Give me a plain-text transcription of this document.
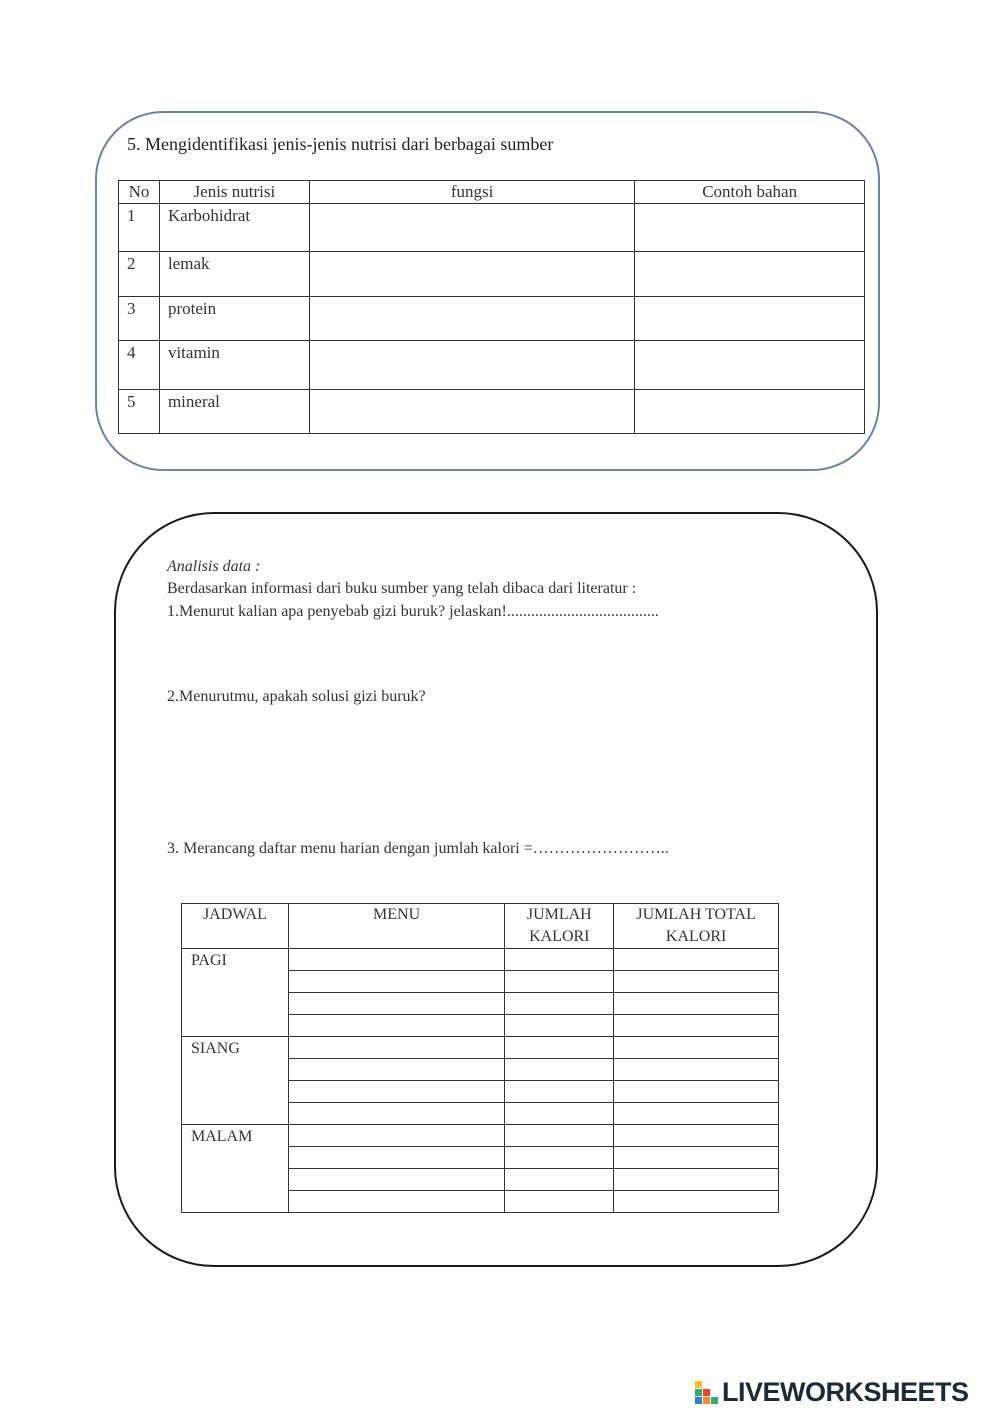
5. Mengidentifikasi jenis-jenis nutrisi dari berbagai sumber
No	Jenis nutrisi	fungsi	Contoh bahan
1	Karbohidrat		
2	lemak		
3	protein		
4	vitamin		
5	mineral		
Analisis data :
Berdasarkan informasi dari buku sumber yang telah dibaca dari literatur :
1.Menurut kalian apa penyebab gizi buruk? jelaskan!......................................
2.Menurutmu, apakah solusi gizi buruk?
3. Merancang daftar menu harian dengan jumlah kalori =……………………..
JADWAL	MENU	JUMLAH KALORI	JUMLAH TOTAL KALORI
PAGI			

SIANG			

MALAM			

LIVEWORKSHEETS
